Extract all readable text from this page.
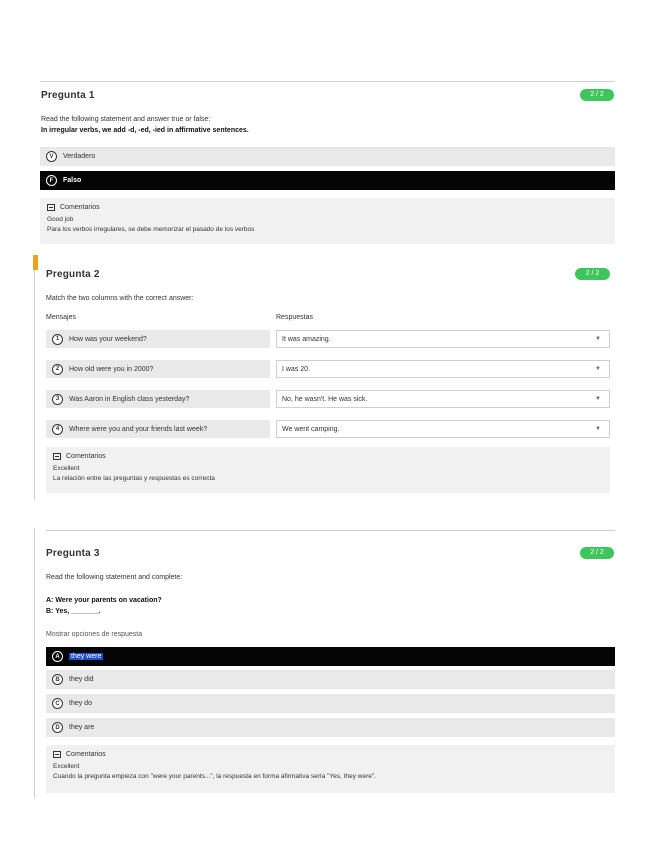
Pregunta 1	2 / 2
Read the following statement and answer true or false:
In irregular verbs, we add -d, -ed, -ied in affirmative sentences.
V	Verdadero
F	Falso
Comentarios
Good job
Para los verbos irregulares, se debe memorizar el pasado de los verbos
Pregunta 2	2 / 2
Match the two columns with the correct answer:
Mensajes	Respuestas
1	How was your weekend?	It was amazing.	▼
2	How old were you in 2000?	I was 20.	▼
3	Was Aaron in English class yesterday?	No, he wasn't. He was sick.	▼
4	Where were you and your friends last week?	We went camping.	▼
Comentarios
Excellent
La relación entre las preguntas y respuestas es correcta
Pregunta 3	2 / 2
Read the following statement and complete:
A: Were your parents on vacation?
B: Yes, _______.
Mostrar opciones de respuesta
A	they were
B	they did
C	they do
D	they are
Comentarios
Excellent
Cuando la pregunta empieza con "were your parents...", la respuesta en forma afirmativa sería "Yes, they were".
